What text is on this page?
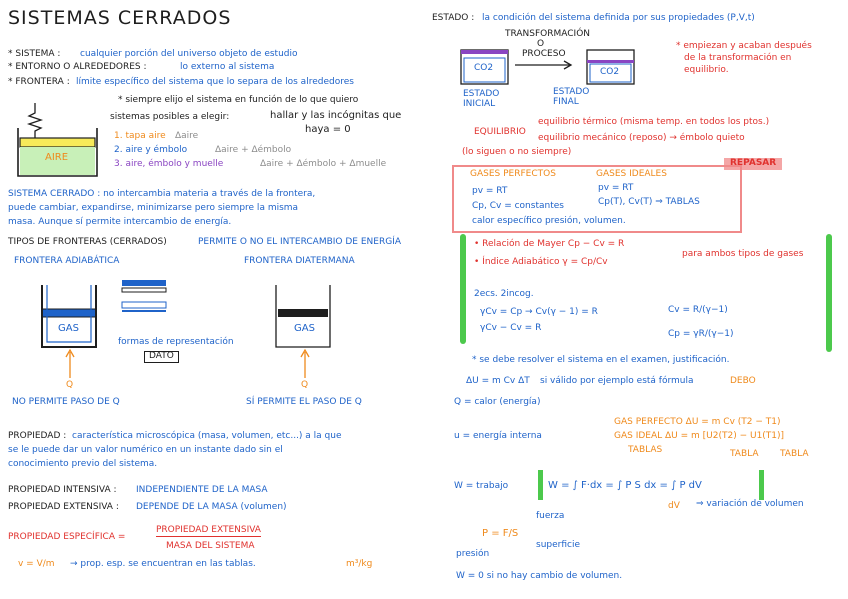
SISTEMAS CERRADOS
* SISTEMA : cualquier porción del universo objeto de estudio
* ENTORNO O ALREDEDORES :	lo externo al sistema
* FRONTERA : límite específico del sistema que lo separa de los alrededores
* siempre elijo el sistema en función de lo que quiero
sistemas posibles a elegir:	hallar y las incógnitas que
haya = 0
1. tapa aire Δaire
2. aire y émbolo	Δaire + Δémbolo
3. aire, émbolo y muelle	Δaire + Δémbolo + Δmuelle
AIRE
SISTEMA CERRADO : no intercambia materia a través de la frontera,
puede cambiar, expandirse, minimizarse pero siempre la misma
masa. Aunque sí permite intercambio de energía.
TIPOS DE FRONTERAS (CERRADOS)	PERMITE O NO EL INTERCAMBIO DE ENERGÍA
FRONTERA ADIABÁTICA	FRONTERA DIATERMANA
GAS
formas de representación
DATO
GAS
Q	Q
NO PERMITE PASO DE Q	SÍ PERMITE EL PASO DE Q
PROPIEDAD : característica microscópica (masa, volumen, etc...) a la que
se le puede dar un valor numérico en un instante dado sin el
conocimiento previo del sistema.
PROPIEDAD INTENSIVA : INDEPENDIENTE DE LA MASA
PROPIEDAD EXTENSIVA : DEPENDE DE LA MASA (volumen)
PROPIEDAD ESPECÍFICA =
PROPIEDAD EXTENSIVA
MASA DEL SISTEMA
v = V/m → prop. esp. se encuentran en las tablas.	m³/kg
ESTADO : la condición del sistema definida por sus propiedades (P,V,t)
TRANSFORMACIÓN
O
PROCESO
CO2	CO2
ESTADO INICIAL
ESTADO FINAL
* empiezan y acaban después
de la transformación en
equilibrio.
EQUILIBRIO
equilibrio térmico (misma temp. en todos los ptos.)
equilibrio mecánico (reposo) → émbolo quieto
(lo siguen o no siempre)
REPASAR
GASES PERFECTOS	GASES IDEALES
pv = RT	pv = RT
Cp, Cv = constantes	Cp(T), Cv(T) ⇒ TABLAS
calor específico presión, volumen.
• Relación de Mayer Cp − Cv = R
• Índice Adiabático γ = Cp/Cv
para ambos tipos de gases
2ecs. 2incog.
γCv = Cp → Cv(γ − 1) = R
γCv − Cv = R
Cv = R/(γ−1)
Cp = γR/(γ−1)
* se debe resolver el sistema en el examen, justificación.
ΔU = m Cv ΔT si válido por ejemplo está fórmula	DEBO
Q = calor (energía)
u = energía interna
GAS PERFECTO ΔU = m Cv (T2 − T1)
GAS IDEAL ΔU = m [U2(T2) − U1(T1)]
TABLAS	TABLA TABLA
W = trabajo	W = ∫ F·dx = ∫ P S dx = ∫ P dV
dV ⇒ variación de volumen
fuerza
P = F/S
superficie
presión
W = 0 si no hay cambio de volumen.
